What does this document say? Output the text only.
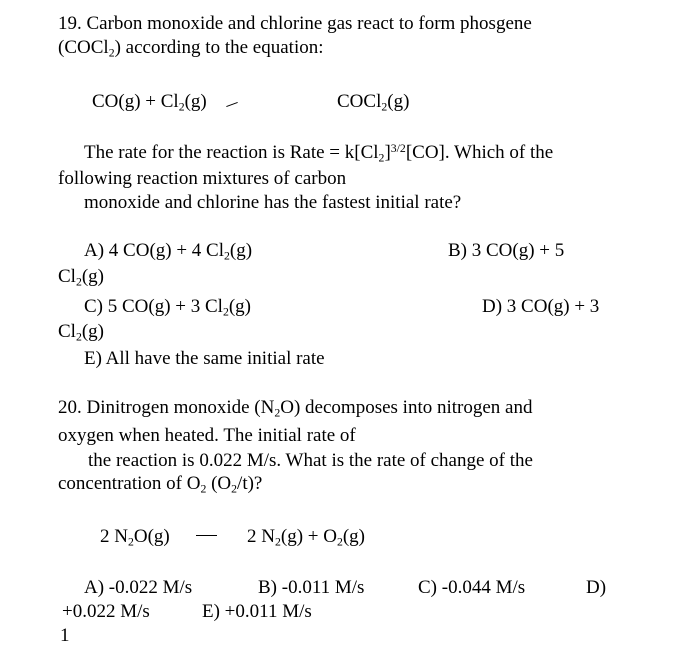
19. Carbon monoxide and chlorine gas react to form phosgene
(COCl$_2$) according to the equation:
$CO(g) + Cl_2(g)$	COCl$_2$(g)
The rate for the reaction is Rate = $k[Cl_2]^{3/2}[CO]$. Which of the
following reaction mixtures of carbon
monoxide and chlorine has the fastest initial rate?
A) 4 CO(g) + 4 $Cl_2(g)$	B) 3 CO(g) + 5
$Cl_2(g)$
C) 5 CO(g) + 3 $Cl_2(g)$	D) 3 CO(g) + 3
$Cl_2(g)$
E) All have the same initial rate
20. Dinitrogen monoxide $(N_2O)$ decomposes into nitrogen and
oxygen when heated. The initial rate of
the reaction is 0.022 M/s. What is the rate of change of the
concentration of $O_2$ $(O_2/t)$?
2 $N_2O(g)$	2 $N_2(g) + O_2(g)$
A) -0.022 M/s	B) -0.011 M/s	C) -0.044 M/s	D)
+0.022 M/s	E) +0.011 M/s
1
